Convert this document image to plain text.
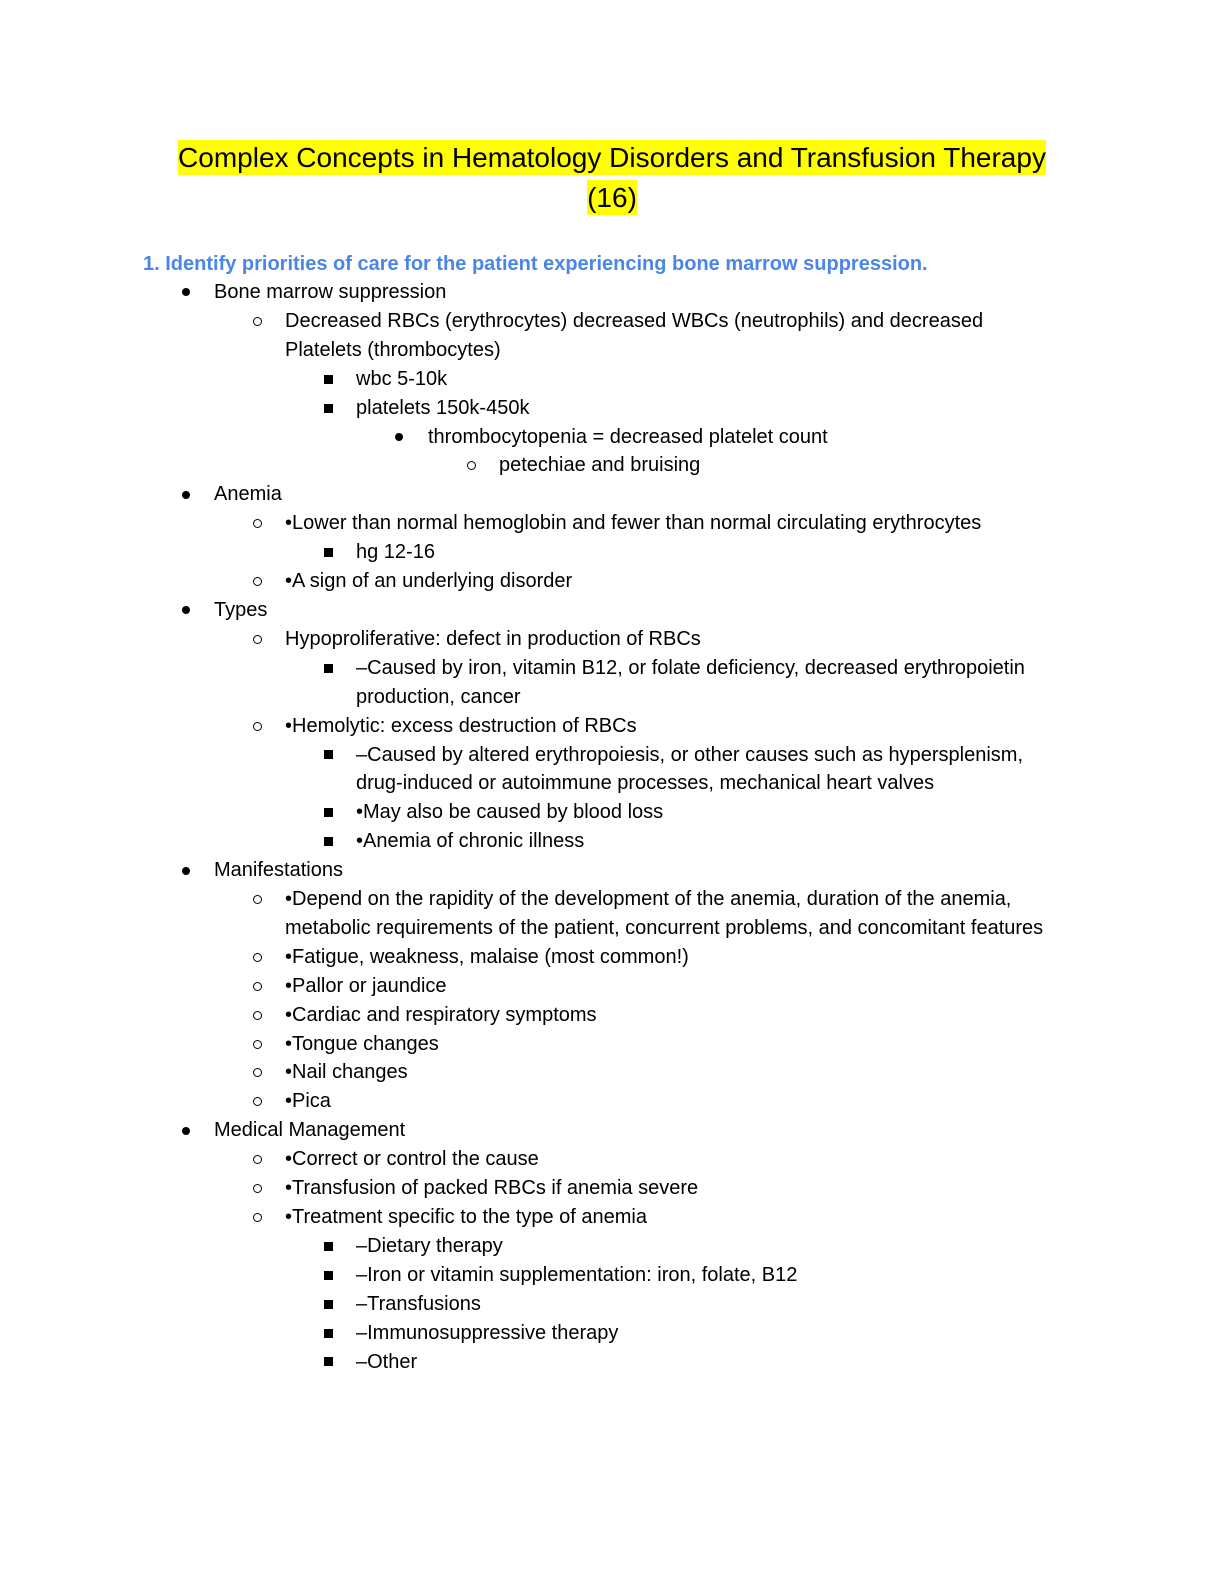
Complex Concepts in Hematology Disorders and Transfusion Therapy
(16)
1. Identify priorities of care for the patient experiencing bone marrow suppression.
Bone marrow suppression
Decreased RBCs (erythrocytes) decreased WBCs (neutrophils) and decreased Platelets (thrombocytes)
wbc 5-10k
platelets 150k-450k
thrombocytopenia = decreased platelet count
petechiae and bruising
Anemia
•Lower than normal hemoglobin and fewer than normal circulating erythrocytes
hg 12-16
•A sign of an underlying disorder
Types
Hypoproliferative: defect in production of RBCs
–Caused by iron, vitamin B12, or folate deficiency, decreased erythropoietin production, cancer
•Hemolytic: excess destruction of RBCs
–Caused by altered erythropoiesis, or other causes such as hypersplenism, drug-induced or autoimmune processes, mechanical heart valves
•May also be caused by blood loss
•Anemia of chronic illness
Manifestations
•Depend on the rapidity of the development of the anemia, duration of the anemia, metabolic requirements of the patient, concurrent problems, and concomitant features
•Fatigue, weakness, malaise (most common!)
•Pallor or jaundice
•Cardiac and respiratory symptoms
•Tongue changes
•Nail changes
•Pica
Medical Management
•Correct or control the cause
•Transfusion of packed RBCs if anemia severe
•Treatment specific to the type of anemia
–Dietary therapy
–Iron or vitamin supplementation: iron, folate, B12
–Transfusions
–Immunosuppressive therapy
–Other
